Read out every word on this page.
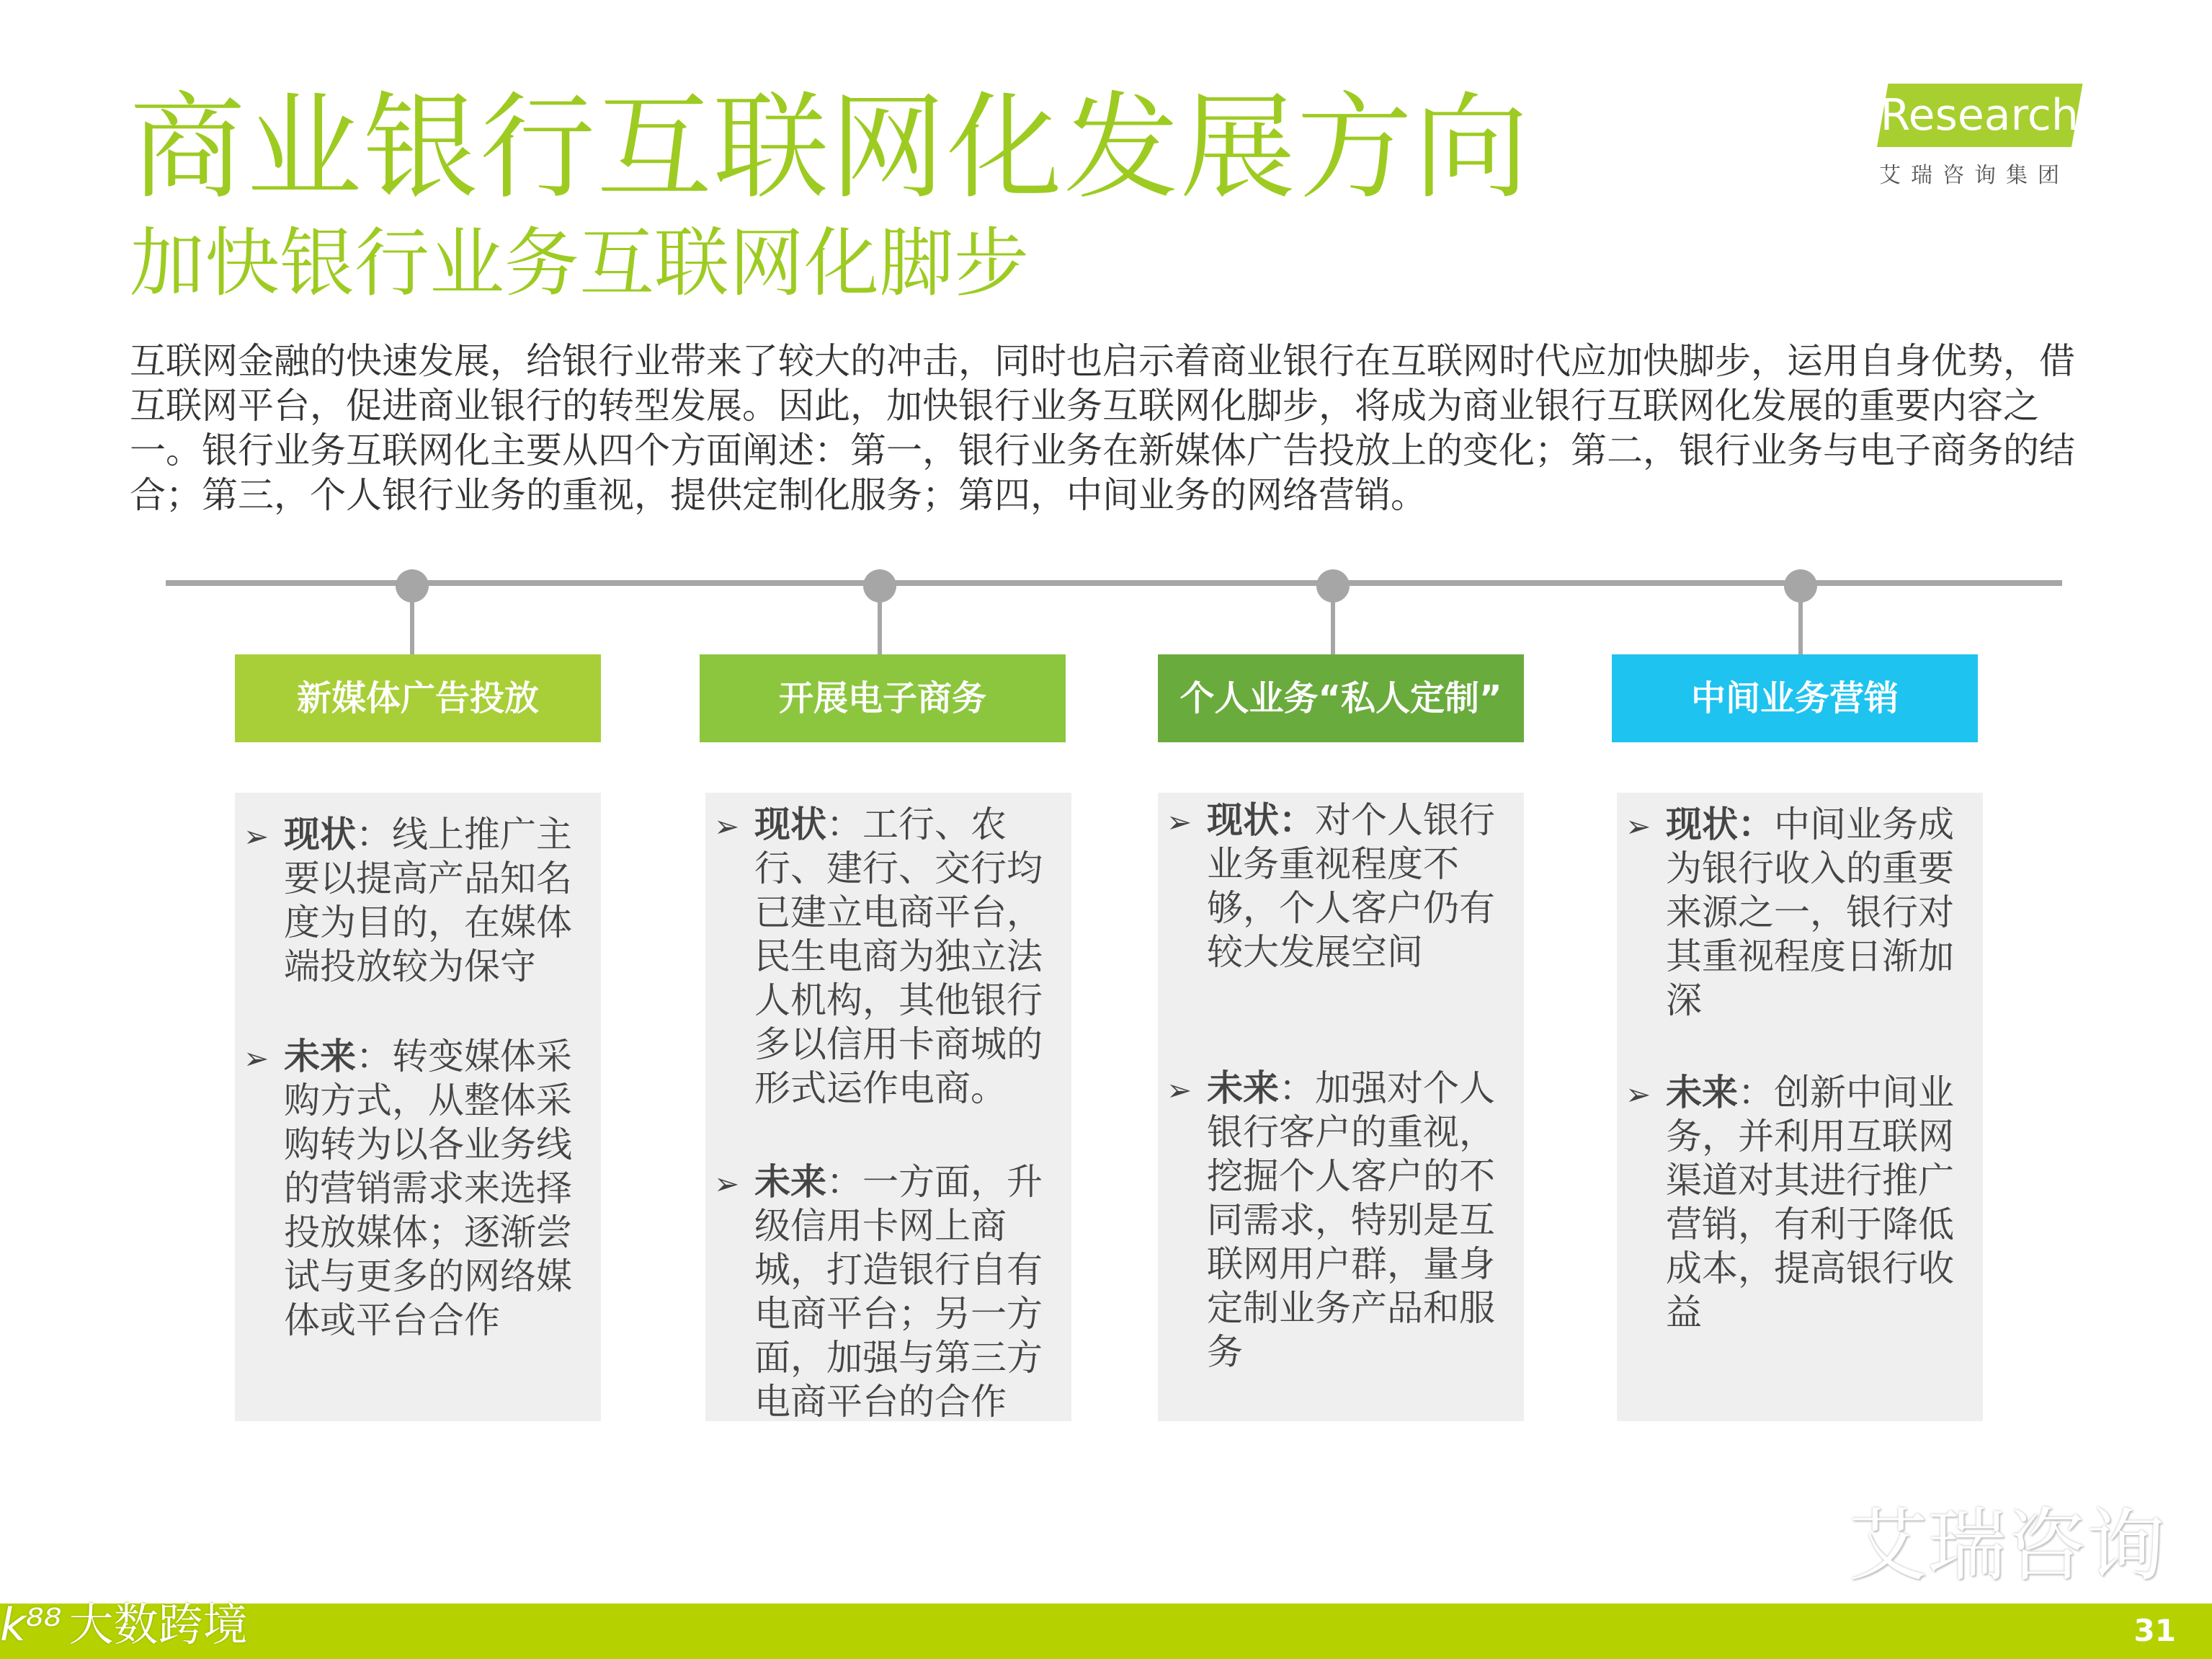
商业银行互联网化发展方向
加快银行业务互联网化脚步
iResearch
艾瑞咨询集团
互联网金融的快速发展，给银行业带来了较大的冲击，同时也启示着商业银行在互联网时代应加快脚步，运用自身优势，借互联网平台，促进商业银行的转型发展。因此，加快银行业务互联网化脚步，将成为商业银行互联网化发展的重要内容之一。银行业务互联网化主要从四个方面阐述：第一，银行业务在新媒体广告投放上的变化；第二，银行业务与电子商务的结合；第三，个人银行业务的重视，提供定制化服务；第四，中间业务的网络营销。
新媒体广告投放
➢ 现状：线上推广主要以提高产品知名度为目的，在媒体端投放较为保守
➢ 未来：转变媒体采购方式，从整体采购转为以各业务线的营销需求来选择投放媒体；逐渐尝试与更多的网络媒体或平台合作
开展电子商务
➢ 现状：工行、农行、建行、交行均已建立电商平台，民生电商为独立法人机构，其他银行多以信用卡商城的形式运作电商。
➢ 未来：一方面，升级信用卡网上商城，打造银行自有电商平台；另一方面，加强与第三方电商平台的合作
个人业务“私人定制”
➢ 现状：对个人银行业务重视程度不够，个人客户仍有较大发展空间
➢ 未来：加强对个人银行客户的重视，挖掘个人客户的不同需求，特别是互联网用户群，量身定制业务产品和服务
中间业务营销
➢ 现状：中间业务成为银行收入的重要来源之一，银行对其重视程度日渐加深
➢ 未来：创新中间业务，并利用互联网渠道对其进行推广营销，有利于降低成本，提高银行收益
艾瑞咨询
k⁸⁸ 大数跨境	31
